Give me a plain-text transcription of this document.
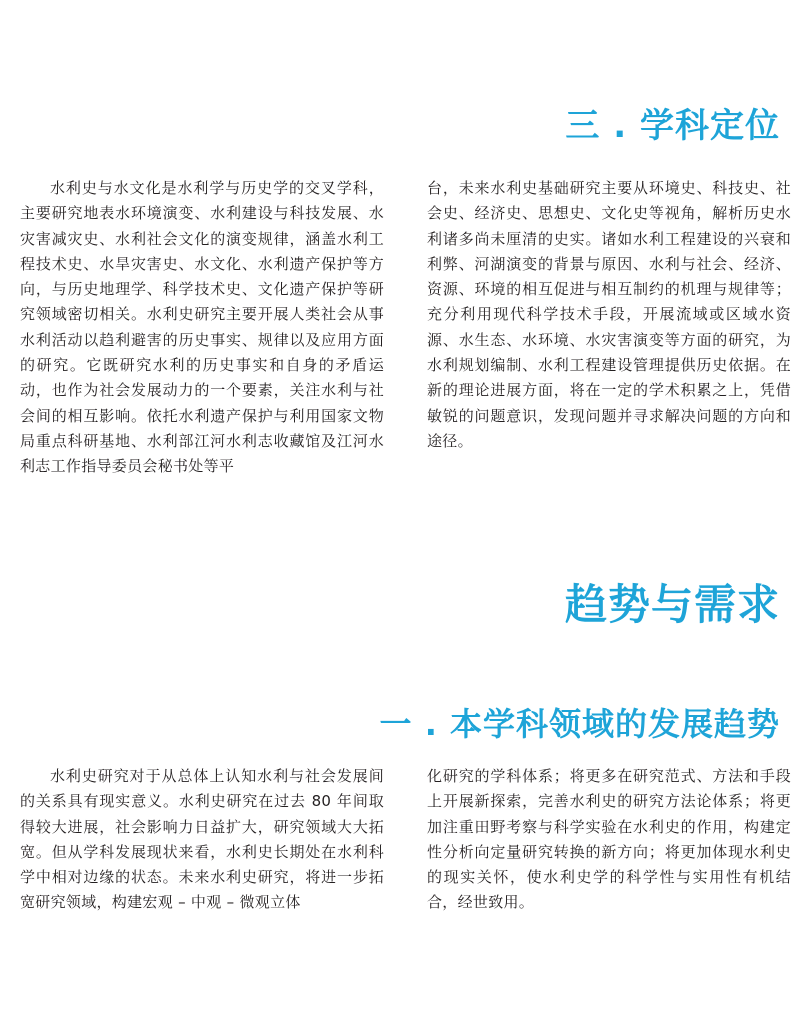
三 . 学科定位

水利史与水文化是水利学与历史学的交叉学科，主要研究地表水环境演变、水利建设与科技发展、水灾害减灾史、水利社会文化的演变规律，涵盖水利工程技术史、水旱灾害史、水文化、水利遗产保护等方向，与历史地理学、科学技术史、文化遗产保护等研究领域密切相关。水利史研究主要开展人类社会从事水利活动以趋利避害的历史事实、规律以及应用方面的研究。它既研究水利的历史事实和自身的矛盾运动，也作为社会发展动力的一个要素，关注水利与社会间的相互影响。依托水利遗产保护与利用国家文物局重点科研基地、水利部江河水利志收藏馆及江河水利志工作指导委员会秘书处等平

台，未来水利史基础研究主要从环境史、科技史、社会史、经济史、思想史、文化史等视角，解析历史水利诸多尚未厘清的史实。诸如水利工程建设的兴衰和利弊、河湖演变的背景与原因、水利与社会、经济、资源、环境的相互促进与相互制约的机理与规律等；充分利用现代科学技术手段，开展流域或区域水资源、水生态、水环境、水灾害演变等方面的研究，为水利规划编制、水利工程建设管理提供历史依据。在新的理论进展方面，将在一定的学术积累之上，凭借敏锐的问题意识，发现问题并寻求解决问题的方向和途径。

趋势与需求
一 . 本学科领域的发展趋势

水利史研究对于从总体上认知水利与社会发展间的关系具有现实意义。水利史研究在过去 80 年间取得较大进展，社会影响力日益扩大，研究领域大大拓宽。但从学科发展现状来看，水利史长期处在水利科学中相对边缘的状态。未来水利史研究，将进一步拓宽研究领域，构建宏观 – 中观 – 微观立体

化研究的学科体系；将更多在研究范式、方法和手段上开展新探索，完善水利史的研究方法论体系；将更加注重田野考察与科学实验在水利史的作用，构建定性分析向定量研究转换的新方向；将更加体现水利史的现实关怀，使水利史学的科学性与实用性有机结合，经世致用。
